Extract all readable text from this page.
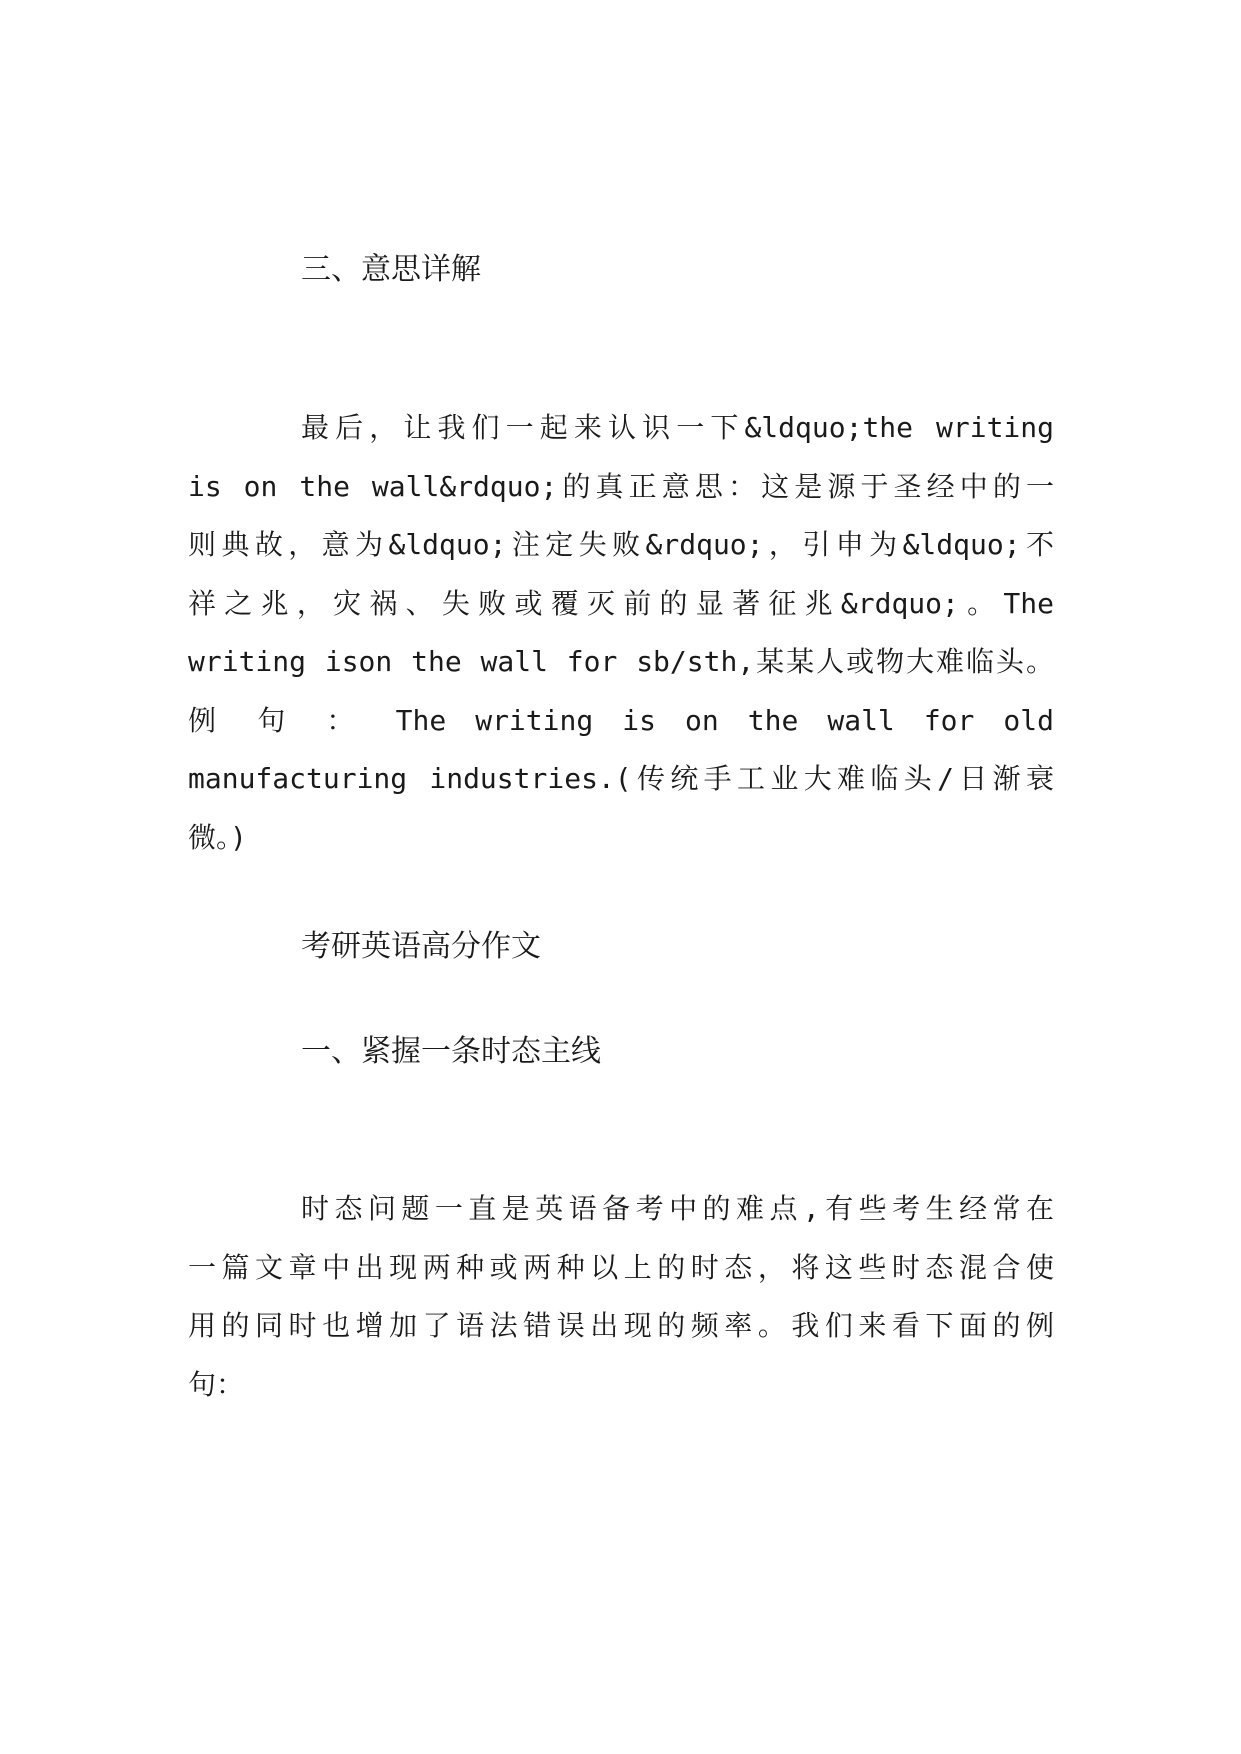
三、意思详解
最后，让我们一起来认识一下&ldquo;the writing
is on the wall&rdquo;的真正意思：这是源于圣经中的一
则典故，意为&ldquo;注定失败&rdquo;，引申为&ldquo;不
祥之兆，灾祸、失败或覆灭前的显著征兆&rdquo;。The
writing ison the wall for sb/sth,某某人或物大难临头。
例 句 ： The writing is on the wall for old
manufacturing industries.(传统手工业大难临头/日渐衰
微。)
考研英语高分作文
一、紧握一条时态主线
时态问题一直是英语备考中的难点,有些考生经常在
一篇文章中出现两种或两种以上的时态，将这些时态混合使
用的同时也增加了语法错误出现的频率。我们来看下面的例
句：
